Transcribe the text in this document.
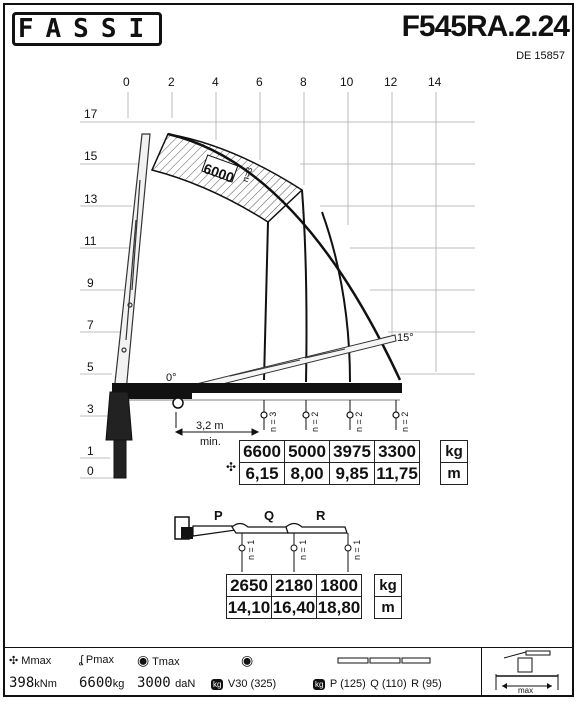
FASSI	F545RA.2.24
DE 15857
0	2	4	6	8	10	12	14
17
15
13
11
9
7
5
3
1
0
6000 n=3
15°
0°
3,2 m
min.
n = 3	n = 2	n = 2	n = 2
✣
6600	5000	3975	3300
6,15	8,00	9,85	11,75
kg
m
P	Q	R
n = 1	n = 1	n = 1
2650	2180	1800
14,10	16,40	18,80
kg
m
✣ Mmax
398kNm
ʆ Pmax
6600kg
◉ Tmax
3000 daN
◉
kg V30 (325)	kg P (125) Q (110) R (95)
max
